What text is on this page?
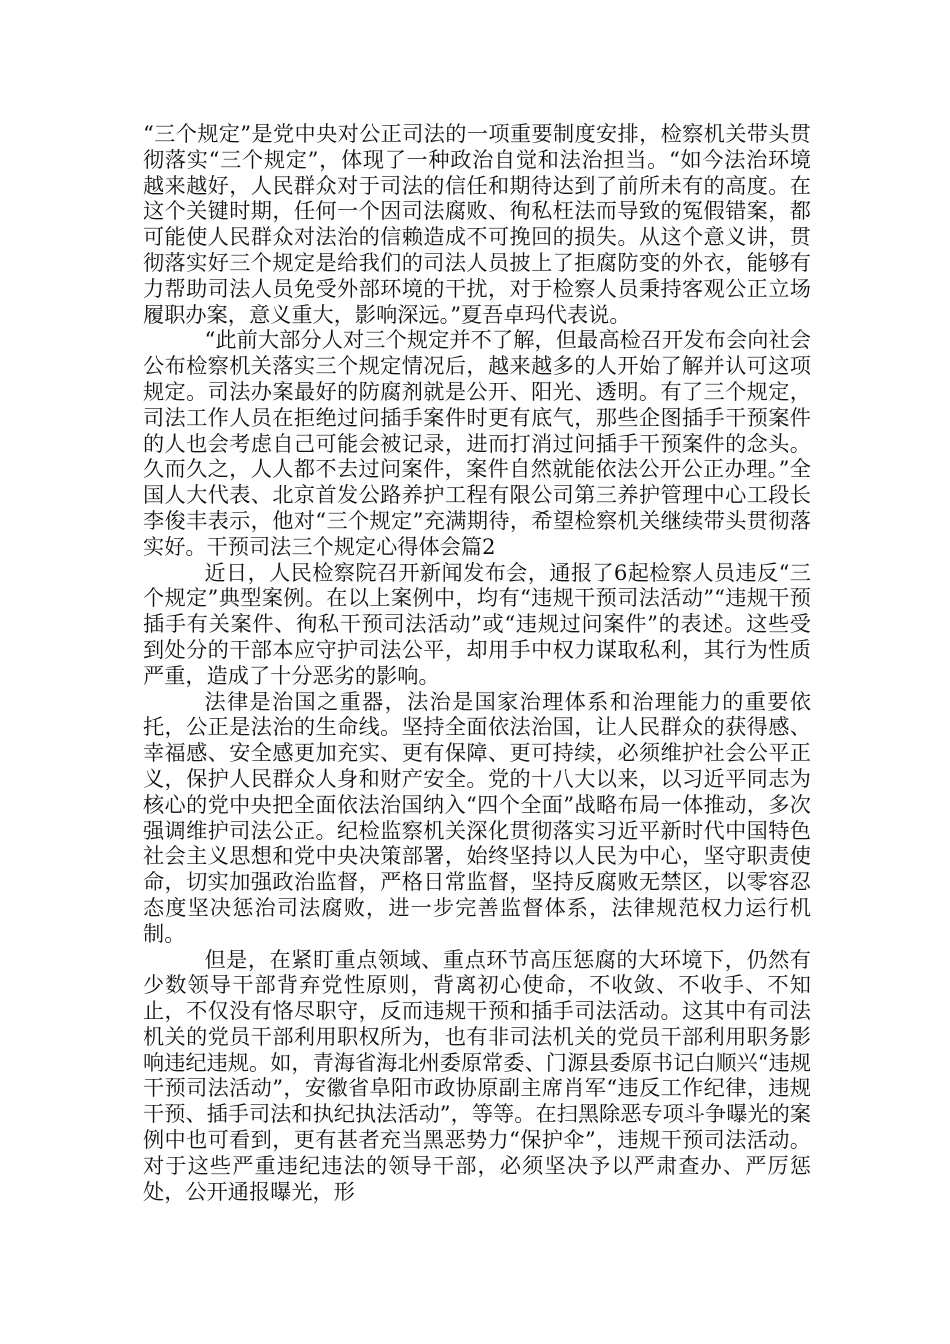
“三个规定”是党中央对公正司法的一项重要制度安排，检察机关带头贯彻落实“三个规定”，体现了一种政治自觉和法治担当。“如今法治环境越来越好，人民群众对于司法的信任和期待达到了前所未有的高度。在这个关键时期，任何一个因司法腐败、徇私枉法而导致的冤假错案，都可能使人民群众对法治的信赖造成不可挽回的损失。从这个意义讲，贯彻落实好三个规定是给我们的司法人员披上了拒腐防变的外衣，能够有力帮助司法人员免受外部环境的干扰，对于检察人员秉持客观公正立场履职办案，意义重大，影响深远。”夏吾卓玛代表说。

“此前大部分人对三个规定并不了解，但最高检召开发布会向社会公布检察机关落实三个规定情况后，越来越多的人开始了解并认可这项规定。司法办案最好的防腐剂就是公开、阳光、透明。有了三个规定，司法工作人员在拒绝过问插手案件时更有底气，那些企图插手干预案件的人也会考虑自己可能会被记录，进而打消过问插手干预案件的念头。久而久之，人人都不去过问案件，案件自然就能依法公开公正办理。”全国人大代表、北京首发公路养护工程有限公司第三养护管理中心工段长李俊丰表示，他对“三个规定”充满期待，希望检察机关继续带头贯彻落实好。干预司法三个规定心得体会篇2

近日，人民检察院召开新闻发布会，通报了6起检察人员违反“三个规定”典型案例。在以上案例中，均有“违规干预司法活动”“违规干预插手有关案件、徇私干预司法活动”或“违规过问案件”的表述。这些受到处分的干部本应守护司法公平，却用手中权力谋取私利，其行为性质严重，造成了十分恶劣的影响。

法律是治国之重器，法治是国家治理体系和治理能力的重要依托，公正是法治的生命线。坚持全面依法治国，让人民群众的获得感、幸福感、安全感更加充实、更有保障、更可持续，必须维护社会公平正义，保护人民群众人身和财产安全。党的十八大以来，以习近平同志为核心的党中央把全面依法治国纳入“四个全面”战略布局一体推动，多次强调维护司法公正。纪检监察机关深化贯彻落实习近平新时代中国特色社会主义思想和党中央决策部署，始终坚持以人民为中心，坚守职责使命，切实加强政治监督，严格日常监督，坚持反腐败无禁区，以零容忍态度坚决惩治司法腐败，进一步完善监督体系，法律规范权力运行机制。

但是，在紧盯重点领域、重点环节高压惩腐的大环境下，仍然有少数领导干部背弃党性原则，背离初心使命，不收敛、不收手、不知止，不仅没有恪尽职守，反而违规干预和插手司法活动。这其中有司法机关的党员干部利用职权所为，也有非司法机关的党员干部利用职务影响违纪违规。如，青海省海北州委原常委、门源县委原书记白顺兴“违规干预司法活动”，安徽省阜阳市政协原副主席肖军“违反工作纪律，违规干预、插手司法和执纪执法活动”，等等。在扫黑除恶专项斗争曝光的案例中也可看到，更有甚者充当黑恶势力“保护伞”，违规干预司法活动。对于这些严重违纪违法的领导干部，必须坚决予以严肃查办、严厉惩处，公开通报曝光，形
